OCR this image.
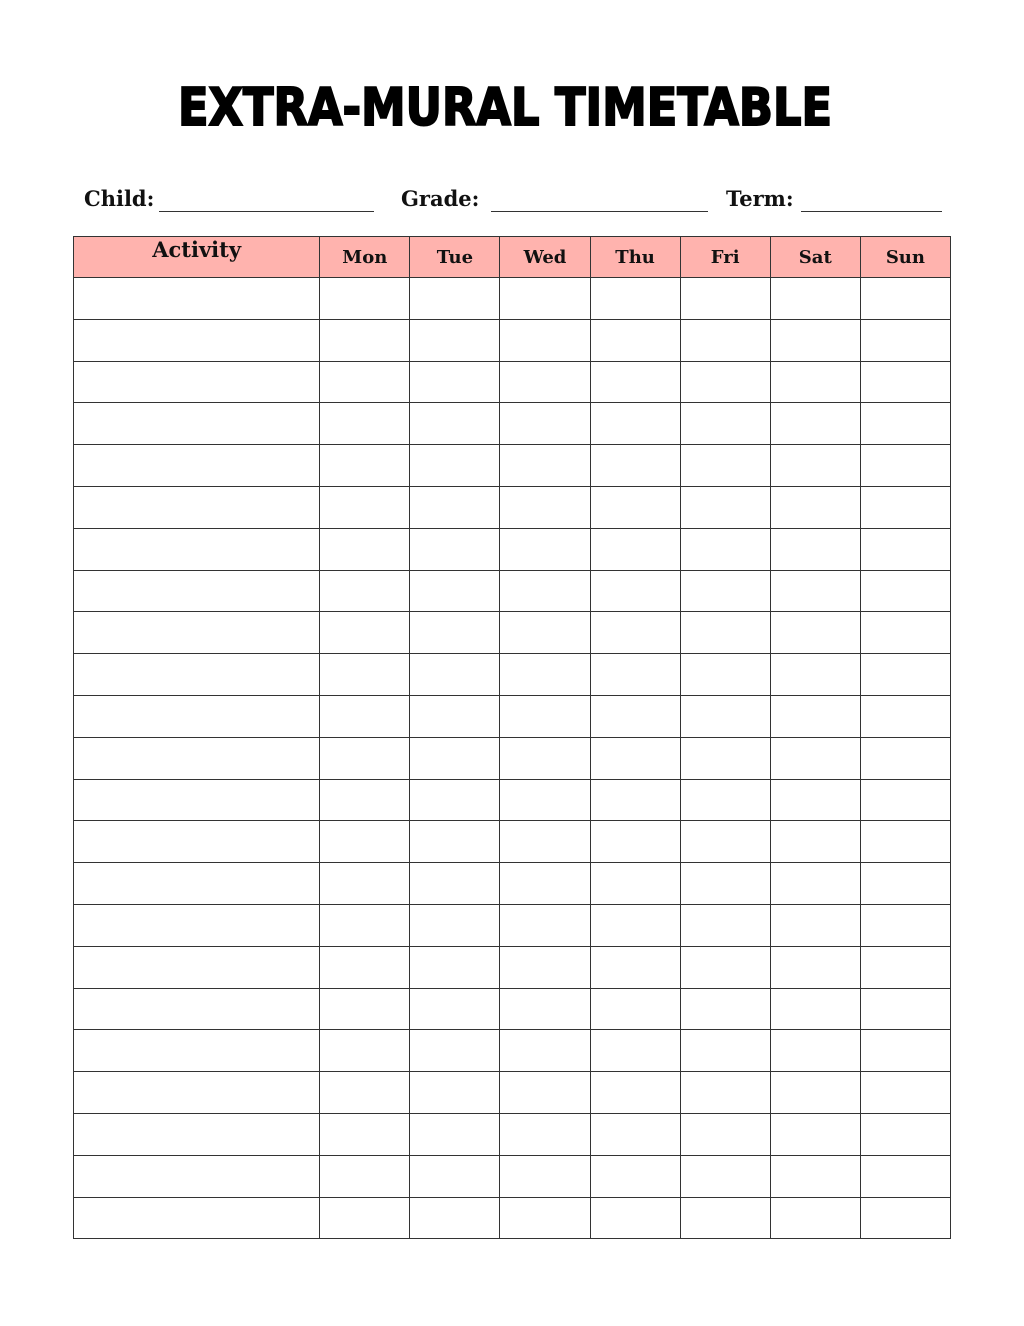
EXTRA-MURAL TIMETABLE
Child:	Grade:	Term:
Activity	Mon	Tue	Wed	Thu	Fri	Sat	Sun
